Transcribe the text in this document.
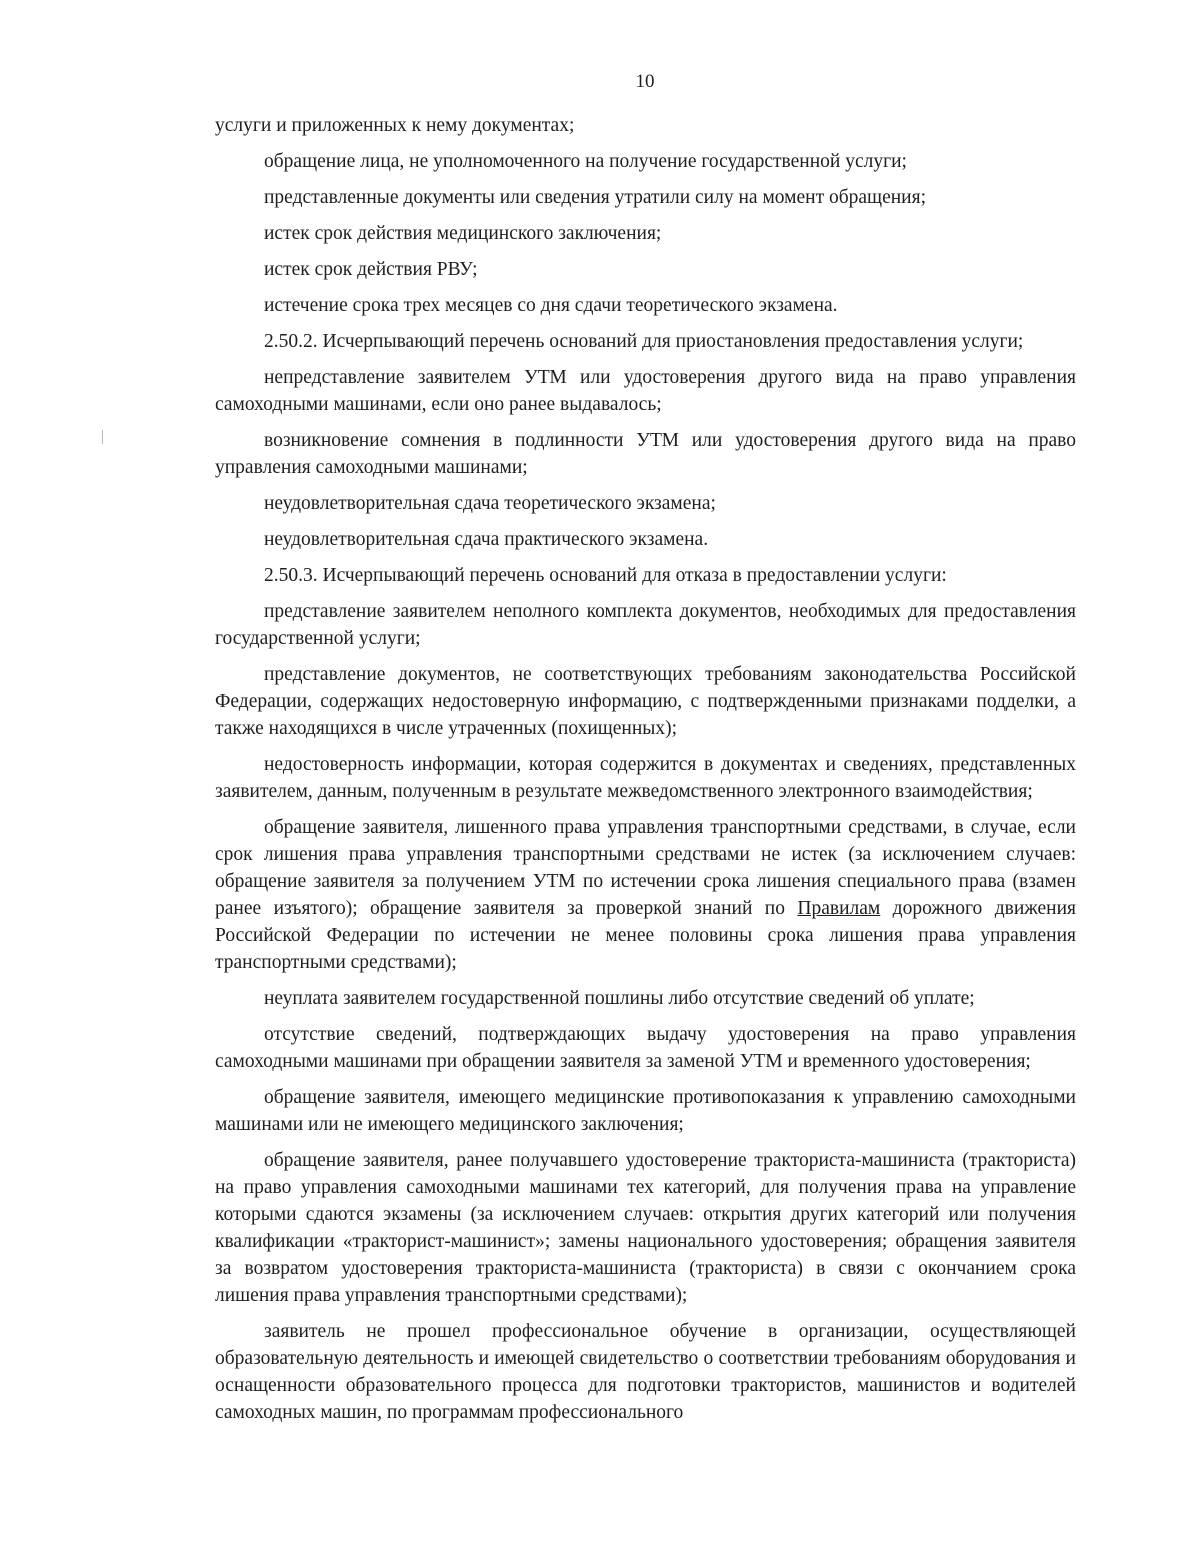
10

услуги и приложенных к нему документах;

обращение лица, не уполномоченного на получение государственной услуги;

представленные документы или сведения утратили силу на момент обращения;

истек срок действия медицинского заключения;

истек срок действия РВУ;

истечение срока трех месяцев со дня сдачи теоретического экзамена.

2.50.2. Исчерпывающий перечень оснований для приостановления предоставления услуги;

непредставление заявителем УТМ или удостоверения другого вида на право управления самоходными машинами, если оно ранее выдавалось;

возникновение сомнения в подлинности УТМ или удостоверения другого вида на право управления самоходными машинами;

неудовлетворительная сдача теоретического экзамена;

неудовлетворительная сдача практического экзамена.

2.50.3. Исчерпывающий перечень оснований для отказа в предоставлении услуги:

представление заявителем неполного комплекта документов, необходимых для предоставления государственной услуги;

представление документов, не соответствующих требованиям законодательства Российской Федерации, содержащих недостоверную информацию, с подтвержденными признаками подделки, а также находящихся в числе утраченных (похищенных);

недостоверность информации, которая содержится в документах и сведениях, представленных заявителем, данным, полученным в результате межведомственного электронного взаимодействия;

обращение заявителя, лишенного права управления транспортными средствами, в случае, если срок лишения права управления транспортными средствами не истек (за исключением случаев: обращение заявителя за получением УТМ по истечении срока лишения специального права (взамен ранее изъятого); обращение заявителя за проверкой знаний по Правилам дорожного движения Российской Федерации по истечении не менее половины срока лишения права управления транспортными средствами);

неуплата заявителем государственной пошлины либо отсутствие сведений об уплате;

отсутствие сведений, подтверждающих выдачу удостоверения на право управления самоходными машинами при обращении заявителя за заменой УТМ и временного удостоверения;

обращение заявителя, имеющего медицинские противопоказания к управлению самоходными машинами или не имеющего медицинского заключения;

обращение заявителя, ранее получавшего удостоверение тракториста-машиниста (тракториста) на право управления самоходными машинами тех категорий, для получения права на управление которыми сдаются экзамены (за исключением случаев: открытия других категорий или получения квалификации «тракторист-машинист»; замены национального удостоверения; обращения заявителя за возвратом удостоверения тракториста-машиниста (тракториста) в связи с окончанием срока лишения права управления транспортными средствами);

заявитель не прошел профессиональное обучение в организации, осуществляющей образовательную деятельность и имеющей свидетельство о соответствии требованиям оборудования и оснащенности образовательного процесса для подготовки трактористов, машинистов и водителей самоходных машин, по программам профессионального
